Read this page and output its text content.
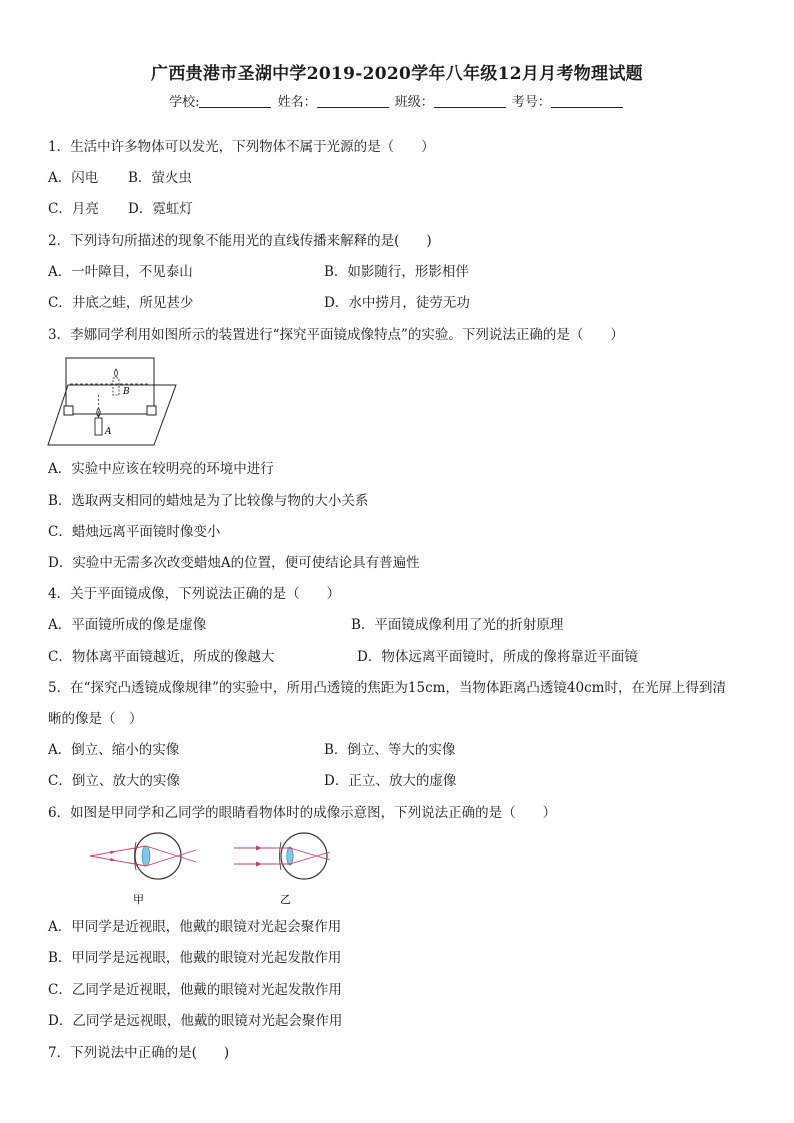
广西贵港市圣湖中学2019-2020学年八年级12月月考物理试题
学校:	姓名：	班级：	考号：
1．生活中许多物体可以发光，下列物体不属于光源的是（　　）
A．闪电 B．萤火虫
C．月亮 D．霓虹灯
2．下列诗句所描述的现象不能用光的直线传播来解释的是(　　)
A．一叶障目，不见泰山	B．如影随行，形影相伴
C．井底之蛙，所见甚少	D．水中捞月，徒劳无功
3．李娜同学利用如图所示的装置进行“探究平面镜成像特点”的实验。下列说法正确的是（　　）
B
A
A．实验中应该在较明亮的环境中进行
B．选取两支相同的蜡烛是为了比较像与物的大小关系
C．蜡烛远离平面镜时像变小
D．实验中无需多次改变蜡烛A的位置，便可使结论具有普遍性
4．关于平面镜成像，下列说法正确的是（　　）
A．平面镜所成的像是虚像	B．平面镜成像利用了光的折射原理
C．物体离平面镜越近，所成的像越大	D．物体远离平面镜时，所成的像将靠近平面镜
5．在“探究凸透镜成像规律”的实验中，所用凸透镜的焦距为15cm，当物体距离凸透镜40cm时，在光屏上得到清
晰的像是（　）
A．倒立、缩小的实像	B．倒立、等大的实像
C．倒立、放大的实像	D．正立、放大的虚像
6．如图是甲同学和乙同学的眼睛看物体时的成像示意图，下列说法正确的是（　　）
甲	乙
A．甲同学是近视眼，他戴的眼镜对光起会聚作用
B．甲同学是远视眼，他戴的眼镜对光起发散作用
C．乙同学是近视眼，他戴的眼镜对光起发散作用
D．乙同学是远视眼，他戴的眼镜对光起会聚作用
7．下列说法中正确的是(　　)
